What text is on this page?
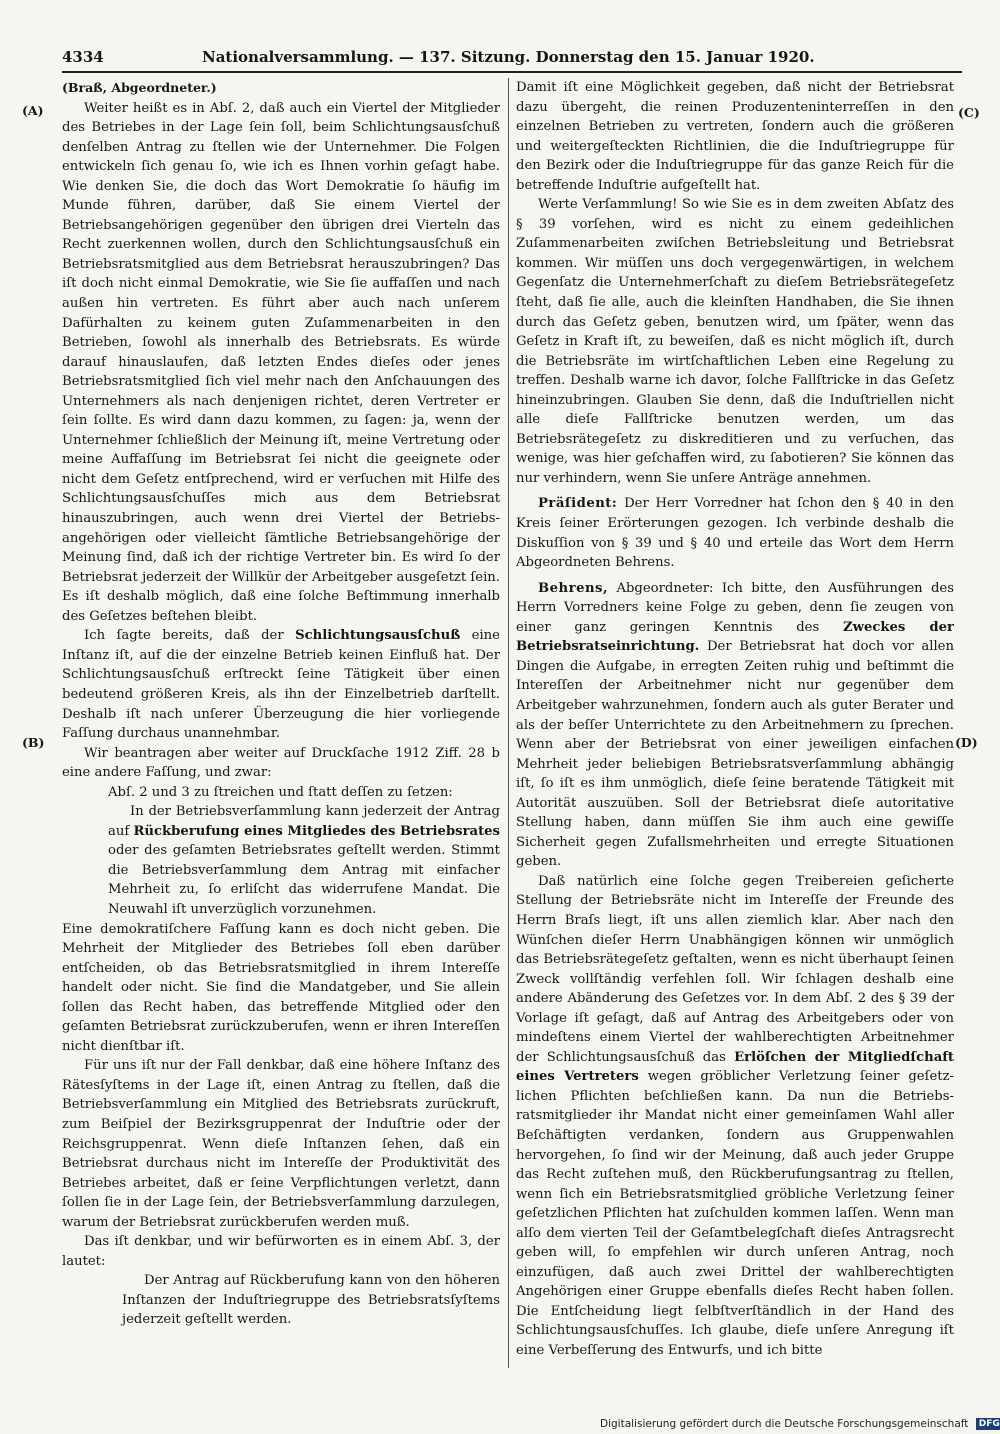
4334	Nationalversammlung. — 137. Sitzung. Donnerstag den 15. Januar 1920.
(A)
(B)
(C)
(D)

(Braß, Abgeordneter.)

Weiter heißt es in Abſ. 2, daß auch ein Viertel der Mitglieder des Betriebes in der Lage ſein ſoll, beim Schlichtungsausſchuß denſelben Antrag zu ſtellen wie der Unternehmer. Die Folgen entwickeln ſich genau ſo, wie ich es Ihnen vorhin geſagt habe. Wie denken Sie, die doch das Wort Demokratie ſo häufig im Munde führen, darüber, daß Sie einem Viertel der Betriebsangehörigen gegenüber den übrigen drei Vierteln das Recht zuerkennen wollen, durch den Schlichtungsausſchuß ein Betriebsratsmitglied aus dem Betriebsrat herauszubringen? Das iſt doch nicht einmal Demokratie, wie Sie ſie auffaſſen und nach außen hin vertreten. Es führt aber auch nach unſerem Dafürhalten zu keinem guten Zuſammenarbeiten in den Betrieben, ſowohl als innerhalb des Betriebsrats. Es würde darauf hinauslaufen, daß letzten Endes dieſes oder jenes Betriebsratsmitglied ſich viel mehr nach den Anſchauungen des Unternehmers als nach denjenigen richtet, deren Vertreter er ſein ſollte. Es wird dann dazu kommen, zu ſagen: ja, wenn der Unternehmer ſchließlich der Meinung iſt, meine Vertretung oder meine Auffaſſung im Betriebsrat ſei nicht die geeignete oder nicht dem Geſetz entſprechend, wird er verſuchen mit Hilfe des Schlichtungsausſchuſſes mich aus dem Betriebsrat hinauszubringen, auch wenn drei Viertel der Betriebsangehörigen oder vielleicht ſämtliche Betriebsangehörige der Meinung ſind, daß ich der richtige Vertreter bin. Es wird ſo der Betriebsrat jederzeit der Willkür der Arbeitgeber ausgeſetzt ſein. Es iſt deshalb möglich, daß eine ſolche Beſtimmung innerhalb des Geſetzes beſtehen bleibt.

Ich ſagte bereits, daß der Schlichtungsausſchuß eine Inſtanz iſt, auf die der einzelne Betrieb keinen Einfluß hat. Der Schlichtungsausſchuß erſtreckt ſeine Tätigkeit über einen bedeutend größeren Kreis, als ihn der Einzelbetrieb darſtellt. Deshalb iſt nach unſerer Überzeugung die hier vorliegende Faſſung durchaus unannehmbar.

Wir beantragen aber weiter auf Druckſache 1912 Ziff. 28 b eine andere Faſſung, und zwar:

Abſ. 2 und 3 zu ſtreichen und ſtatt deſſen zu ſetzen:

In der Betriebsverſammlung kann jederzeit der Antrag auf Rückberufung eines Mitgliedes des Betriebsrates oder des geſamten Betriebsrates geſtellt werden. Stimmt die Betriebsverſammlung dem Antrag mit einfacher Mehrheit zu, ſo erliſcht das widerrufene Mandat. Die Neuwahl iſt unverzüglich vorzunehmen.

Eine demokratiſchere Faſſung kann es doch nicht geben. Die Mehrheit der Mitglieder des Betriebes ſoll eben darüber entſcheiden, ob das Betriebsratsmitglied in ihrem Intereſſe handelt oder nicht. Sie ſind die Mandatgeber, und Sie allein ſollen das Recht haben, das betreffende Mitglied oder den geſamten Betriebsrat zurückzuberufen, wenn er ihren Intereſſen nicht dienſtbar iſt.

Für uns iſt nur der Fall denkbar, daß eine höhere Inſtanz des Rätesſyſtems in der Lage iſt, einen Antrag zu ſtellen, daß die Betriebsverſammlung ein Mitglied des Betriebsrats zurückruft, zum Beiſpiel der Bezirksgruppenrat der Induſtrie oder der Reichsgruppenrat. Wenn dieſe Inſtanzen ſehen, daß ein Betriebsrat durchaus nicht im Intereſſe der Produktivität des Betriebes arbeitet, daß er ſeine Verpflichtungen verletzt, dann ſollen ſie in der Lage ſein, der Betriebsverſammlung darzulegen, warum der Betriebsrat zurückberufen werden muß.

Das iſt denkbar, und wir befürworten es in einem Abſ. 3, der lautet:

Der Antrag auf Rückberufung kann von den höheren Inſtanzen der Induſtriegruppe des Betriebsratsſyſtems jederzeit geſtellt werden.

Damit iſt eine Möglichkeit gegeben, daß nicht der Betriebsrat dazu übergeht, die reinen Produzenteninterreſſen in den einzelnen Betrieben zu vertreten, ſondern auch die größeren und weitergeſteckten Richtlinien, die die Induſtriegruppe für den Bezirk oder die Induſtriegruppe für das ganze Reich für die betreffende Induſtrie aufgeſtellt hat.

Werte Verſammlung! So wie Sie es in dem zweiten Abſatz des § 39 vorſehen, wird es nicht zu einem gedeihlichen Zuſammenarbeiten zwiſchen Betriebsleitung und Betriebsrat kommen. Wir müſſen uns doch vergegenwärtigen, in welchem Gegenſatz die Unternehmerſchaft zu dieſem Betriebsrätegeſetz ſteht, daß ſie alle, auch die kleinſten Handhaben, die Sie ihnen durch das Geſetz geben, benutzen wird, um ſpäter, wenn das Geſetz in Kraft iſt, zu beweiſen, daß es nicht möglich iſt, durch die Betriebsräte im wirtſchaftlichen Leben eine Regelung zu treffen. Deshalb warne ich davor, ſolche Fallſtricke in das Geſetz hineinzubringen. Glauben Sie denn, daß die Induſtriellen nicht alle dieſe Fallſtricke benutzen werden, um das Betriebsrätegeſetz zu diskreditieren und zu verſuchen, das wenige, was hier geſchaffen wird, zu ſabotieren? Sie können das nur verhindern, wenn Sie unſere Anträge annehmen.

Präſident: Der Herr Vorredner hat ſchon den § 40 in den Kreis ſeiner Erörterungen gezogen. Ich verbinde deshalb die Diskuſſion von § 39 und § 40 und erteile das Wort dem Herrn Abgeordneten Behrens.

Behrens, Abgeordneter: Ich bitte, den Ausführungen des Herrn Vorredners keine Folge zu geben, denn ſie zeugen von einer ganz geringen Kenntnis des Zweckes der Betriebsratseinrichtung. Der Betriebsrat hat doch vor allen Dingen die Aufgabe, in erregten Zeiten ruhig und beſtimmt die Intereſſen der Arbeitnehmer nicht nur gegenüber dem Arbeitgeber wahrzunehmen, ſondern auch als guter Berater und als der beſſer Unterrichtete zu den Arbeitnehmern zu ſprechen. Wenn aber der Betriebsrat von einer jeweiligen einfachen Mehrheit jeder beliebigen Betriebsratsverſammlung abhängig iſt, ſo iſt es ihm unmöglich, dieſe ſeine beratende Tätigkeit mit Autorität auszuüben. Soll der Betriebsrat dieſe autoritative Stellung haben, dann müſſen Sie ihm auch eine gewiſſe Sicherheit gegen Zufallsmehrheiten und erregte Situationen geben.

Daß natürlich eine ſolche gegen Treibereien geſicherte Stellung der Betriebsräte nicht im Intereſſe der Freunde des Herrn Braſs liegt, iſt uns allen ziemlich klar. Aber nach den Wünſchen dieſer Herrn Unabhängigen können wir unmöglich das Betriebsrätegeſetz geſtalten, wenn es nicht überhaupt ſeinen Zweck vollſtändig verfehlen ſoll. Wir ſchlagen deshalb eine andere Abänderung des Geſetzes vor. In dem Abſ. 2 des § 39 der Vorlage iſt geſagt, daß auf Antrag des Arbeitgebers oder von mindeſtens einem Viertel der wahlberechtigten Arbeitnehmer der Schlichtungsausſchuß das Erlöſchen der Mitgliedſchaft eines Vertreters wegen gröblicher Verletzung ſeiner geſetzlichen Pflichten beſchließen kann. Da nun die Betriebsratsmitglieder ihr Mandat nicht einer gemeinſamen Wahl aller Beſchäftigten verdanken, ſondern aus Gruppenwahlen hervorgehen, ſo ſind wir der Meinung, daß auch jeder Gruppe das Recht zuſtehen muß, den Rückberufungsantrag zu ſtellen, wenn ſich ein Betriebsratsmitglied gröbliche Verletzung ſeiner geſetzlichen Pflichten hat zuſchulden kommen laſſen. Wenn man alſo dem vierten Teil der Geſamtbelegſchaft dieſes Antragsrecht geben will, ſo empfehlen wir durch unſeren Antrag, noch einzufügen, daß auch zwei Drittel der wahlberechtigten Angehörigen einer Gruppe ebenfalls dieſes Recht haben ſollen. Die Entſcheidung liegt ſelbſtverſtändlich in der Hand des Schlichtungsausſchuſſes. Ich glaube, dieſe unſere Anregung iſt eine Verbeſſerung des Entwurfs, und ich bitte

Digitalisierung gefördert durch die Deutsche Forschungsgemeinschaft DFG
